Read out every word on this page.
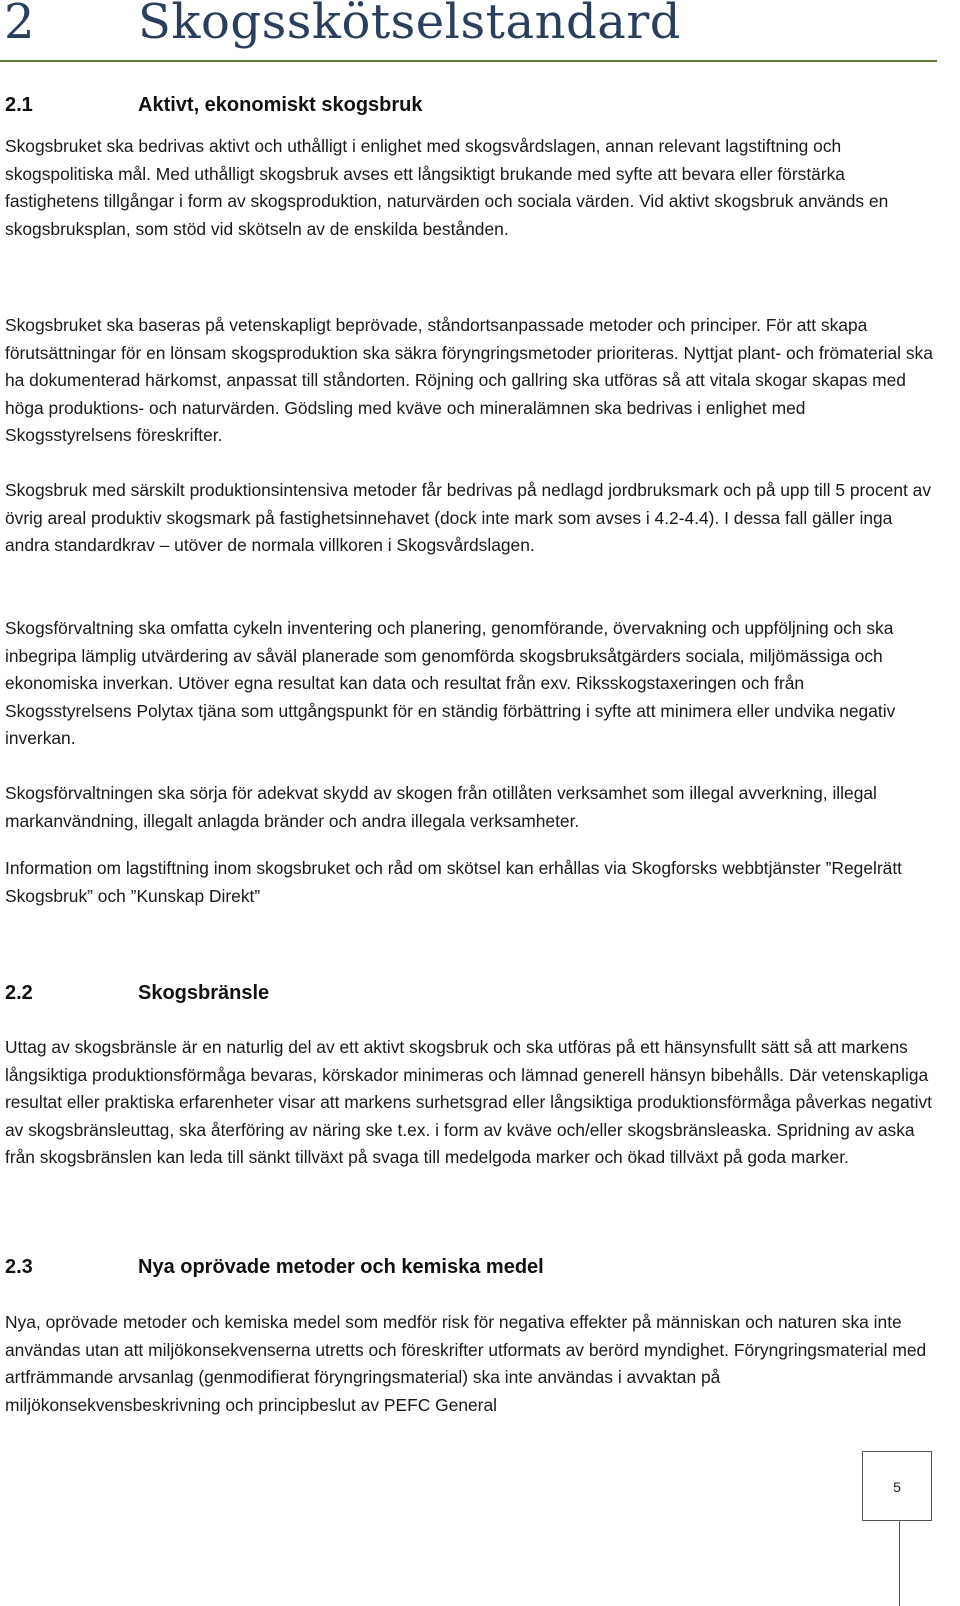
2 Skogsskötselstandard
2.1	Aktivt, ekonomiskt skogsbruk

Skogsbruket ska bedrivas aktivt och uthålligt i enlighet med skogsvårdslagen, annan relevant lagstiftning och skogspolitiska mål. Med uthålligt skogsbruk avses ett långsiktigt brukande med syfte att bevara eller förstärka fastighetens tillgångar i form av skogsproduktion, naturvärden och sociala värden. Vid aktivt skogsbruk används en skogsbruksplan, som stöd vid skötseln av de enskilda bestånden.

Skogsbruket ska baseras på vetenskapligt beprövade, ståndortsanpassade metoder och principer. För att skapa förutsättningar för en lönsam skogsproduktion ska säkra föryngringsmetoder prioriteras. Nyttjat plant- och frömaterial ska ha dokumenterad härkomst, anpassat till ståndorten. Röjning och gallring ska utföras så att vitala skogar skapas med höga produktions- och naturvärden. Gödsling med kväve och mineralämnen ska bedrivas i enlighet med Skogsstyrelsens föreskrifter.

Skogsbruk med särskilt produktionsintensiva metoder får bedrivas på nedlagd jordbruksmark och på upp till 5 procent av övrig areal produktiv skogsmark på fastighetsinnehavet (dock inte mark som avses i 4.2-4.4). I dessa fall gäller inga andra standardkrav – utöver de normala villkoren i Skogsvårdslagen.

Skogsförvaltning ska omfatta cykeln inventering och planering, genomförande, övervakning och uppföljning och ska inbegripa lämplig utvärdering av såväl planerade som genomförda skogsbruksåtgärders sociala, miljömässiga och ekonomiska inverkan. Utöver egna resultat kan data och resultat från exv. Riksskogstaxeringen och från Skogsstyrelsens Polytax tjäna som uttgångspunkt för en ständig förbättring i syfte att minimera eller undvika negativ inverkan.

Skogsförvaltningen ska sörja för adekvat skydd av skogen från otillåten verksamhet som illegal avverkning, illegal markanvändning, illegalt anlagda bränder och andra illegala verksamheter.

Information om lagstiftning inom skogsbruket och råd om skötsel kan erhållas via Skogforsks webbtjänster ”Regelrätt Skogsbruk” och ”Kunskap Direkt”

2.2	Skogsbränsle

Uttag av skogsbränsle är en naturlig del av ett aktivt skogsbruk och ska utföras på ett hänsynsfullt sätt så att markens långsiktiga produktionsförmåga bevaras, körskador minimeras och lämnad generell hänsyn bibehålls. Där vetenskapliga resultat eller praktiska erfarenheter visar att markens surhetsgrad eller långsiktiga produktionsförmåga påverkas negativt av skogsbränsleuttag, ska återföring av näring ske t.ex. i form av kväve och/eller skogsbränsleaska. Spridning av aska från skogsbränslen kan leda till sänkt tillväxt på svaga till medelgoda marker och ökad tillväxt på goda marker.

2.3	Nya oprövade metoder och kemiska medel

Nya, oprövade metoder och kemiska medel som medför risk för negativa effekter på människan och naturen ska inte användas utan att miljökonsekvenserna utretts och föreskrifter utformats av berörd myndighet. Föryngringsmaterial med artfrämmande arvsanlag (genmodifierat föryngringsmaterial) ska inte användas i avvaktan på miljökonsekvensbeskrivning och principbeslut av PEFC General

5
